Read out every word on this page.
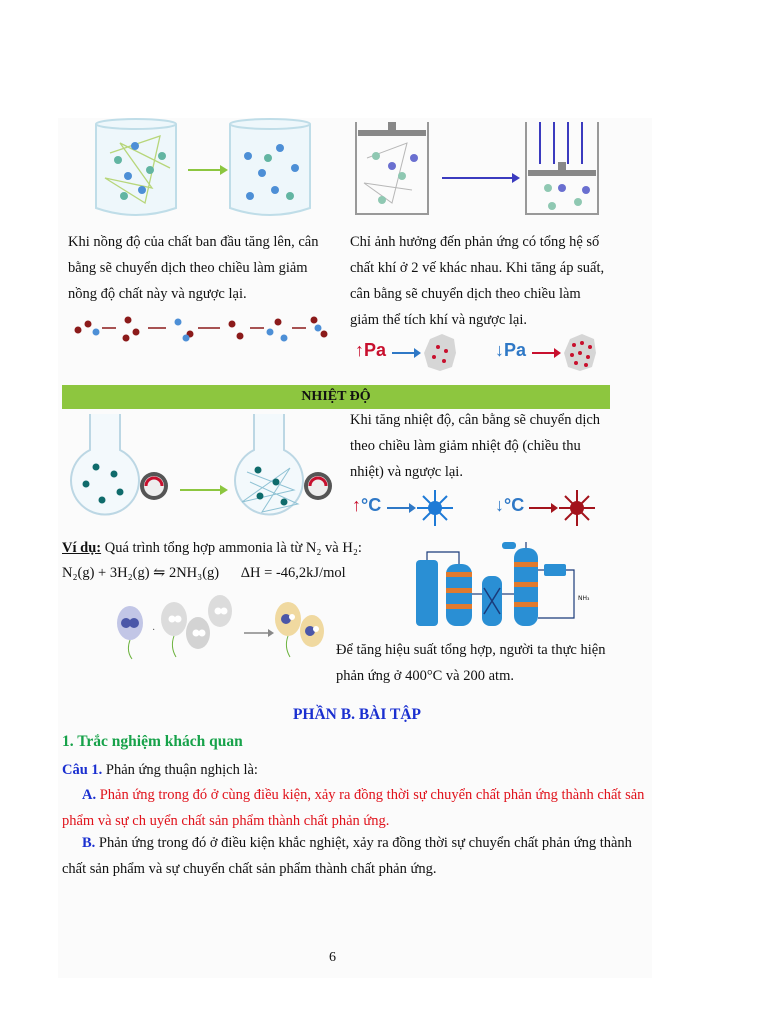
Khi nồng độ của chất ban đầu tăng lên, cân bằng sẽ chuyển dịch theo chiều làm giảm nồng độ chất này và ngược lại.
Chỉ ảnh hưởng đến phản ứng có tổng hệ số chất khí ở 2 vế khác nhau. Khi tăng áp suất, cân bằng sẽ chuyển dịch theo chiều làm giảm thể tích khí và ngược lại.
↑Pa	↓Pa
NHIỆT ĐỘ
Khi tăng nhiệt độ, cân bằng sẽ chuyển dịch theo chiều làm giảm nhiệt độ (chiều thu nhiệt) và ngược lại.
↑°C	↓°C
Ví dụ: Quá trình tổng hợp ammonia là từ N₂ và H₂:
N₂(g) + 3H₂(g) ⇋ 2NH₃(g) ΔH = -46,2kJ/mol
·
NH₃
Để tăng hiệu suất tổng hợp, người ta thực hiện phản ứng ở 400°C và 200 atm.
PHẦN B. BÀI TẬP
1. Trắc nghiệm khách quan
Câu 1. Phản ứng thuận nghịch là:
A. Phản ứng trong đó ở cùng điều kiện, xảy ra đồng thời sự chuyển chất phản ứng thành chất sản phẩm và sự ch uyển chất sản phẩm thành chất phản ứng.
B. Phản ứng trong đó ở điều kiện khắc nghiệt, xảy ra đồng thời sự chuyển chất phản ứng thành chất sản phẩm và sự chuyển chất sản phẩm thành chất phản ứng.
6
